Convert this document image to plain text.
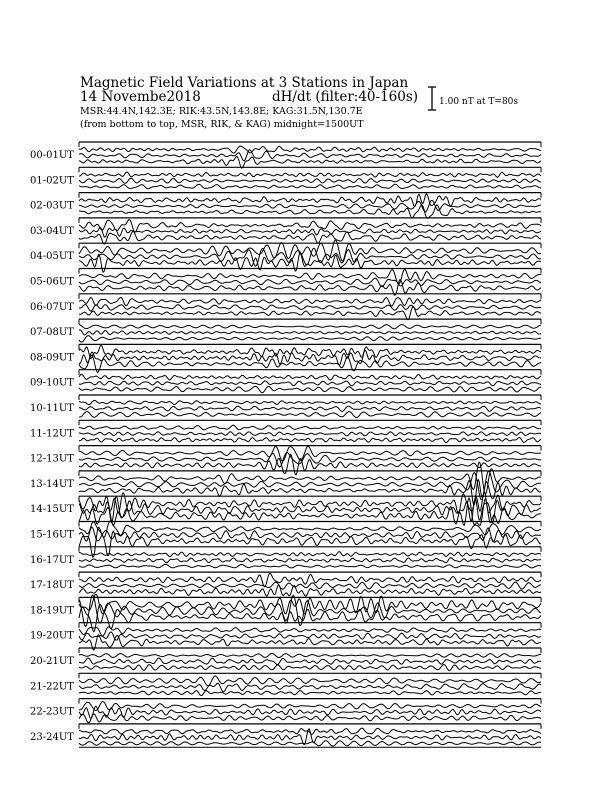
Magnetic Field Variations at 3 Stations in Japan
14 Novembe2018	dH/dt (filter:40-160s)
MSR:44.4N,142.3E; RIK:43.5N,143.8E; KAG:31.5N,130.7E
(from bottom to top, MSR, RIK, & KAG) midnight=1500UT
1.00 nT at T=80s
00-01UT
01-02UT
02-03UT
03-04UT
04-05UT
05-06UT
06-07UT
07-08UT
08-09UT
09-10UT
10-11UT
11-12UT
12-13UT
13-14UT
14-15UT
15-16UT
16-17UT
17-18UT
18-19UT
19-20UT
20-21UT
21-22UT
22-23UT
23-24UT
